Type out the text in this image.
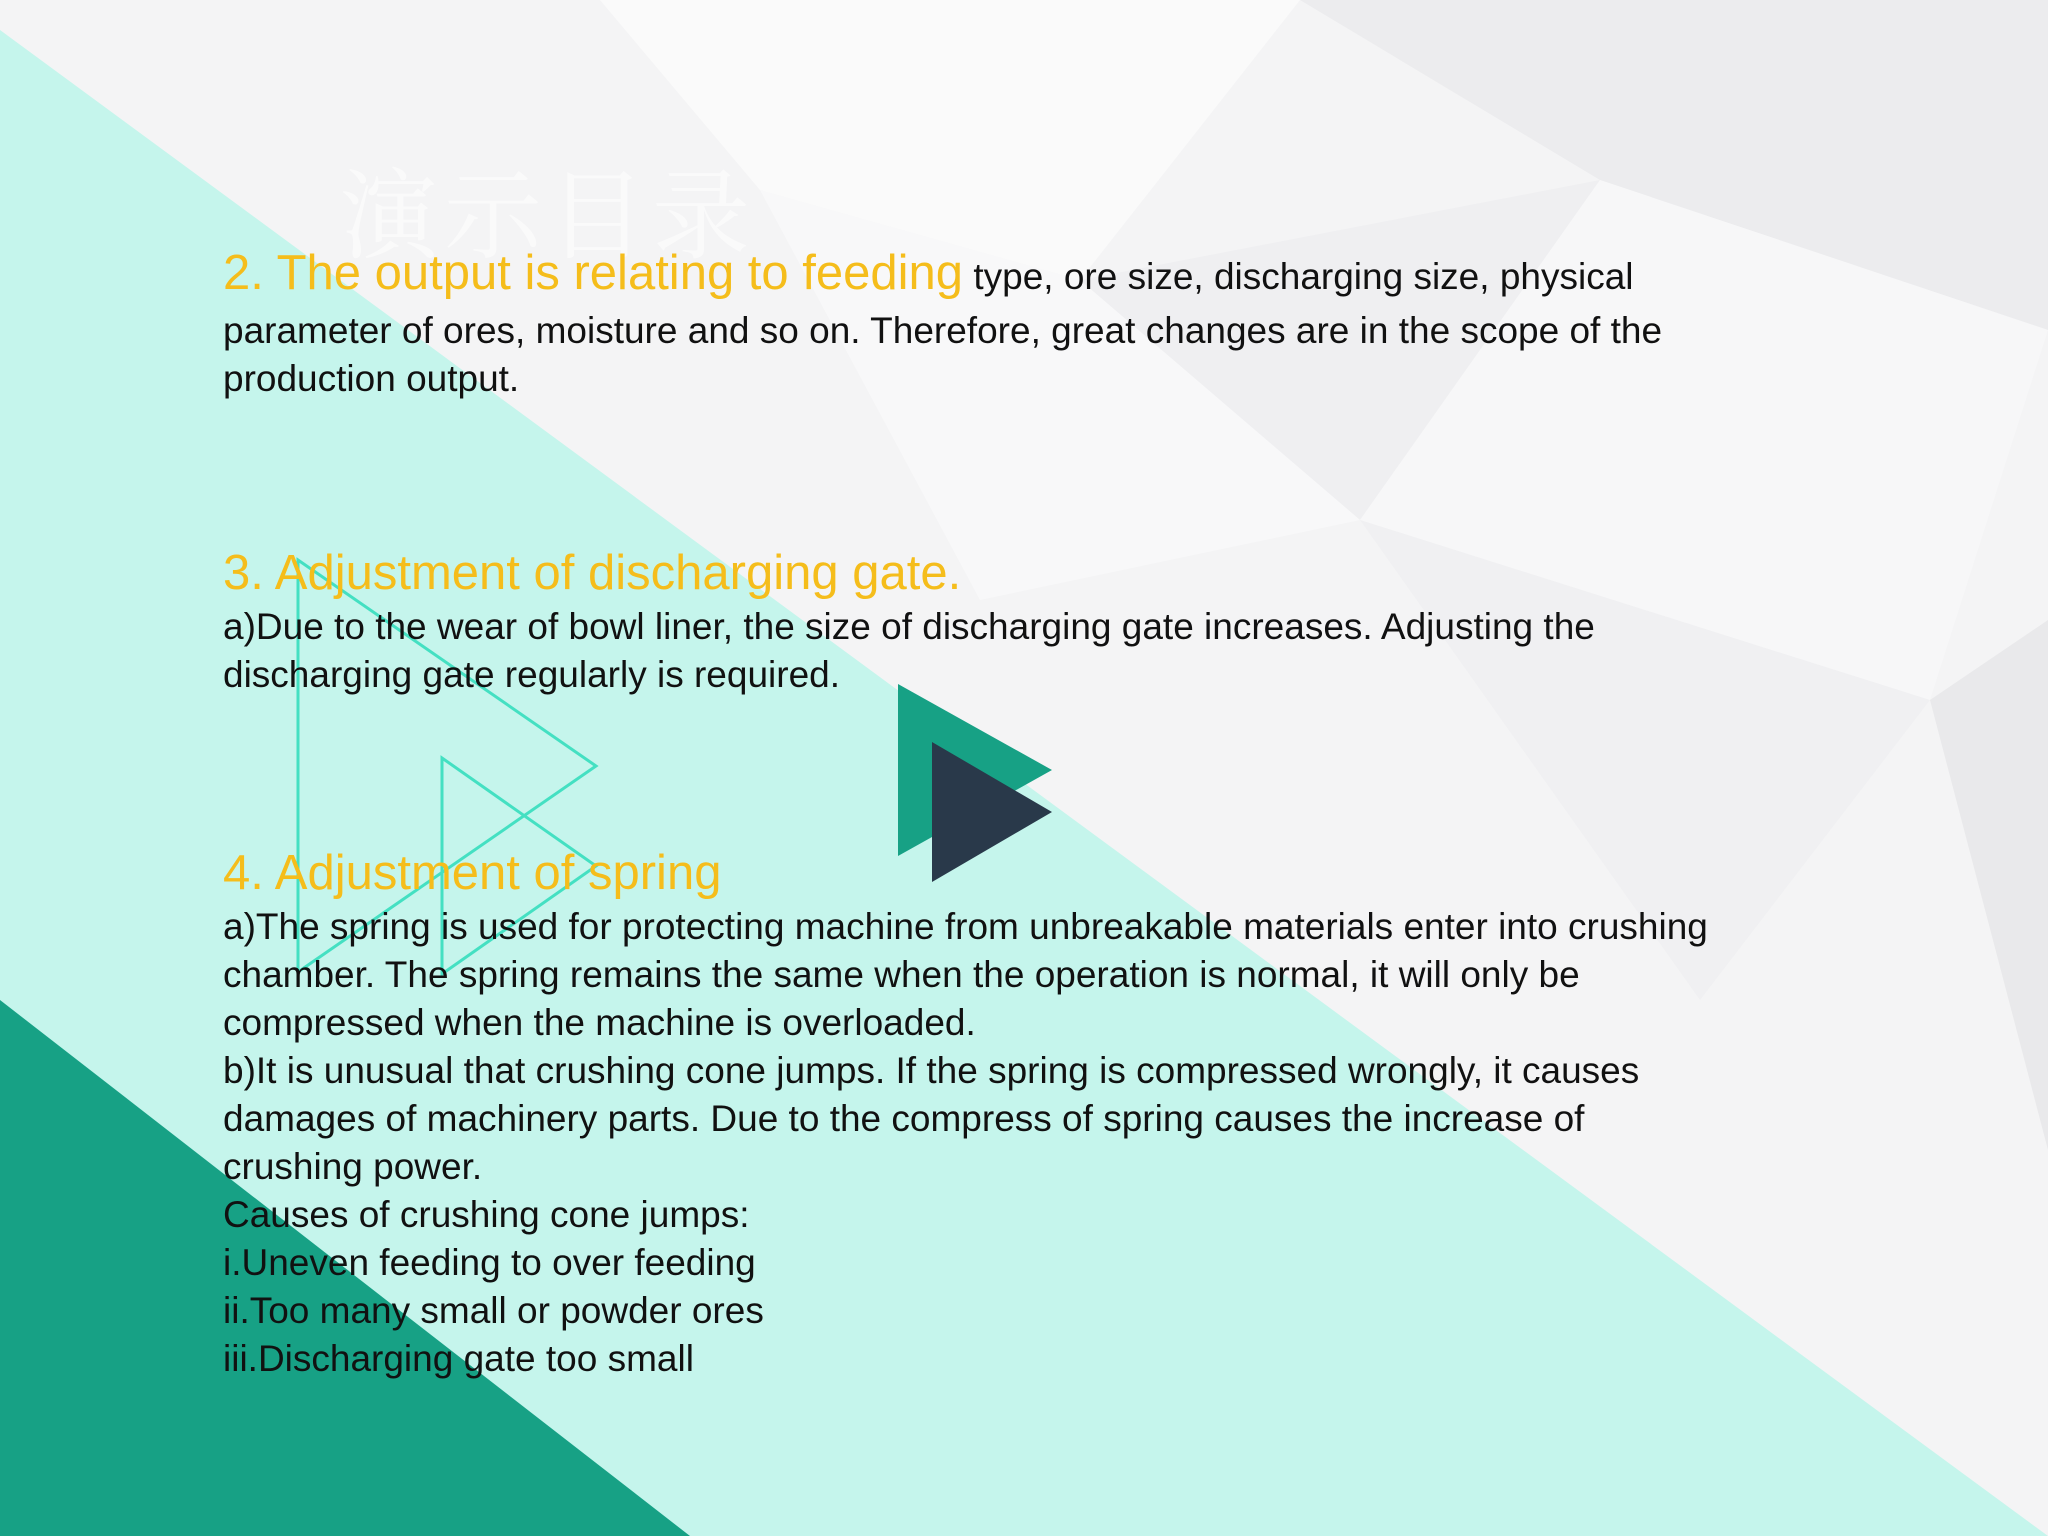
演示目录
2. The output is relating to feeding type, ore size, discharging size, physical
parameter of ores, moisture and so on. Therefore, great changes are in the scope of the
production output.
3. Adjustment of discharging gate.
a)Due to the wear of bowl liner, the size of discharging gate increases. Adjusting the
discharging gate regularly is required.
4. Adjustment of spring
a)The spring is used for protecting machine from unbreakable materials enter into crushing
chamber. The spring remains the same when the operation is normal, it will only be
compressed when the machine is overloaded.
b)It is unusual that crushing cone jumps. If the spring is compressed wrongly, it causes
damages of machinery parts. Due to the compress of spring causes the increase of
crushing power.
Causes of crushing cone jumps:
i.Uneven feeding to over feeding
ii.Too many small or powder ores
iii.Discharging gate too small
